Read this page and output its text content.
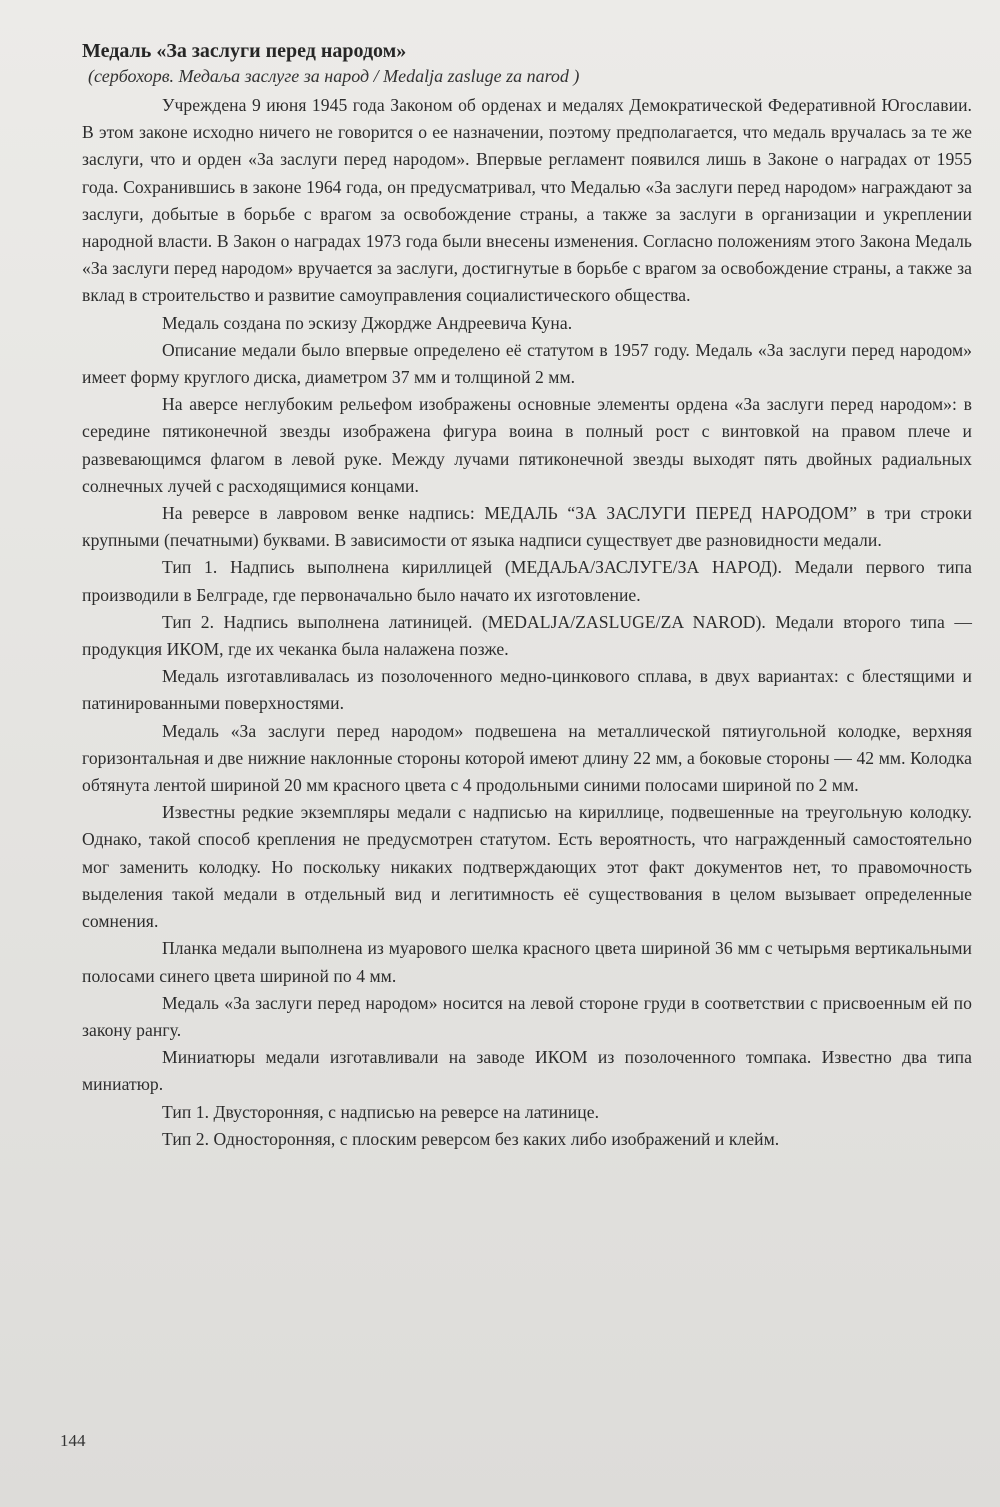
Медаль «За заслуги перед народом»

(сербохорв. Медаља заслуге за народ / Medalja zasluge za narod )

Учреждена 9 июня 1945 года Законом об орденах и медалях Демократической Федеративной Югославии. В этом законе исходно ничего не говорится о ее назначении, поэтому предполагается, что медаль вручалась за те же заслуги, что и орден «За заслуги перед народом». Впервые регламент появился лишь в Законе о наградах от 1955 года. Сохранившись в законе 1964 года, он предусматривал, что Медалью «За заслуги перед народом» награждают за заслуги, добытые в борьбе с врагом за освобождение страны, а также за заслуги в организации и укреплении народной власти. В Закон о наградах 1973 года были внесены изменения. Согласно положениям этого Закона Медаль «За заслуги перед народом» вручается за заслуги, достигнутые в борьбе с врагом за освобождение страны, а также за вклад в строительство и развитие самоуправления социалистического общества.

Медаль создана по эскизу Джордже Андреевича Куна.

Описание медали было впервые определено её статутом в 1957 году. Медаль «За заслуги перед народом» имеет форму круглого диска, диаметром 37 мм и толщиной 2 мм.

На аверсе неглубоким рельефом изображены основные элементы ордена «За заслуги перед народом»: в середине пятиконечной звезды изображена фигура воина в полный рост с винтовкой на правом плече и развевающимся флагом в левой руке. Между лучами пятиконечной звезды выходят пять двойных радиальных солнечных лучей с расходящимися концами.

На реверсе в лавровом венке надпись: МЕДАЛЬ “ЗА ЗАСЛУГИ ПЕРЕД НАРОДОМ” в три строки крупными (печатными) буквами. В зависимости от языка надписи существует две разновидности медали.

Тип 1. Надпись выполнена кириллицей (МЕДАЉА/ЗАСЛУГЕ/ЗА НАРОД). Медали первого типа производили в Белграде, где первоначально было начато их изготовление.

Тип 2. Надпись выполнена латиницей. (MEDALJA/ZASLUGE/ZA NAROD). Медали второго типа — продукция ИКОМ, где их чеканка была налажена позже.

Медаль изготавливалась из позолоченного медно-цинкового сплава, в двух вариантах: с блестящими и патинированными поверхностями.

Медаль «За заслуги перед народом» подвешена на металлической пятиугольной колодке, верхняя горизонтальная и две нижние наклонные стороны которой имеют длину 22 мм, а боковые стороны — 42 мм. Колодка обтянута лентой шириной 20 мм красного цвета с 4 продольными синими полосами шириной по 2 мм.

Известны редкие экземпляры медали с надписью на кириллице, подвешенные на треугольную колодку. Однако, такой способ крепления не предусмотрен статутом. Есть вероятность, что награжденный самостоятельно мог заменить колодку. Но поскольку никаких подтверждающих этот факт документов нет, то правомочность выделения такой медали в отдельный вид и легитимность её существования в целом вызывает определенные сомнения.

Планка медали выполнена из муарового шелка красного цвета шириной 36 мм с четырьмя вертикальными полосами синего цвета шириной по 4 мм.

Медаль «За заслуги перед народом» носится на левой стороне груди в соответствии с присвоенным ей по закону рангу.

Миниатюры медали изготавливали на заводе ИКОМ из позолоченного томпака. Известно два типа миниатюр.

Тип 1. Двусторонняя, с надписью на реверсе на латинице.

Тип 2. Односторонняя, с плоским реверсом без каких либо изображений и клейм.

144
